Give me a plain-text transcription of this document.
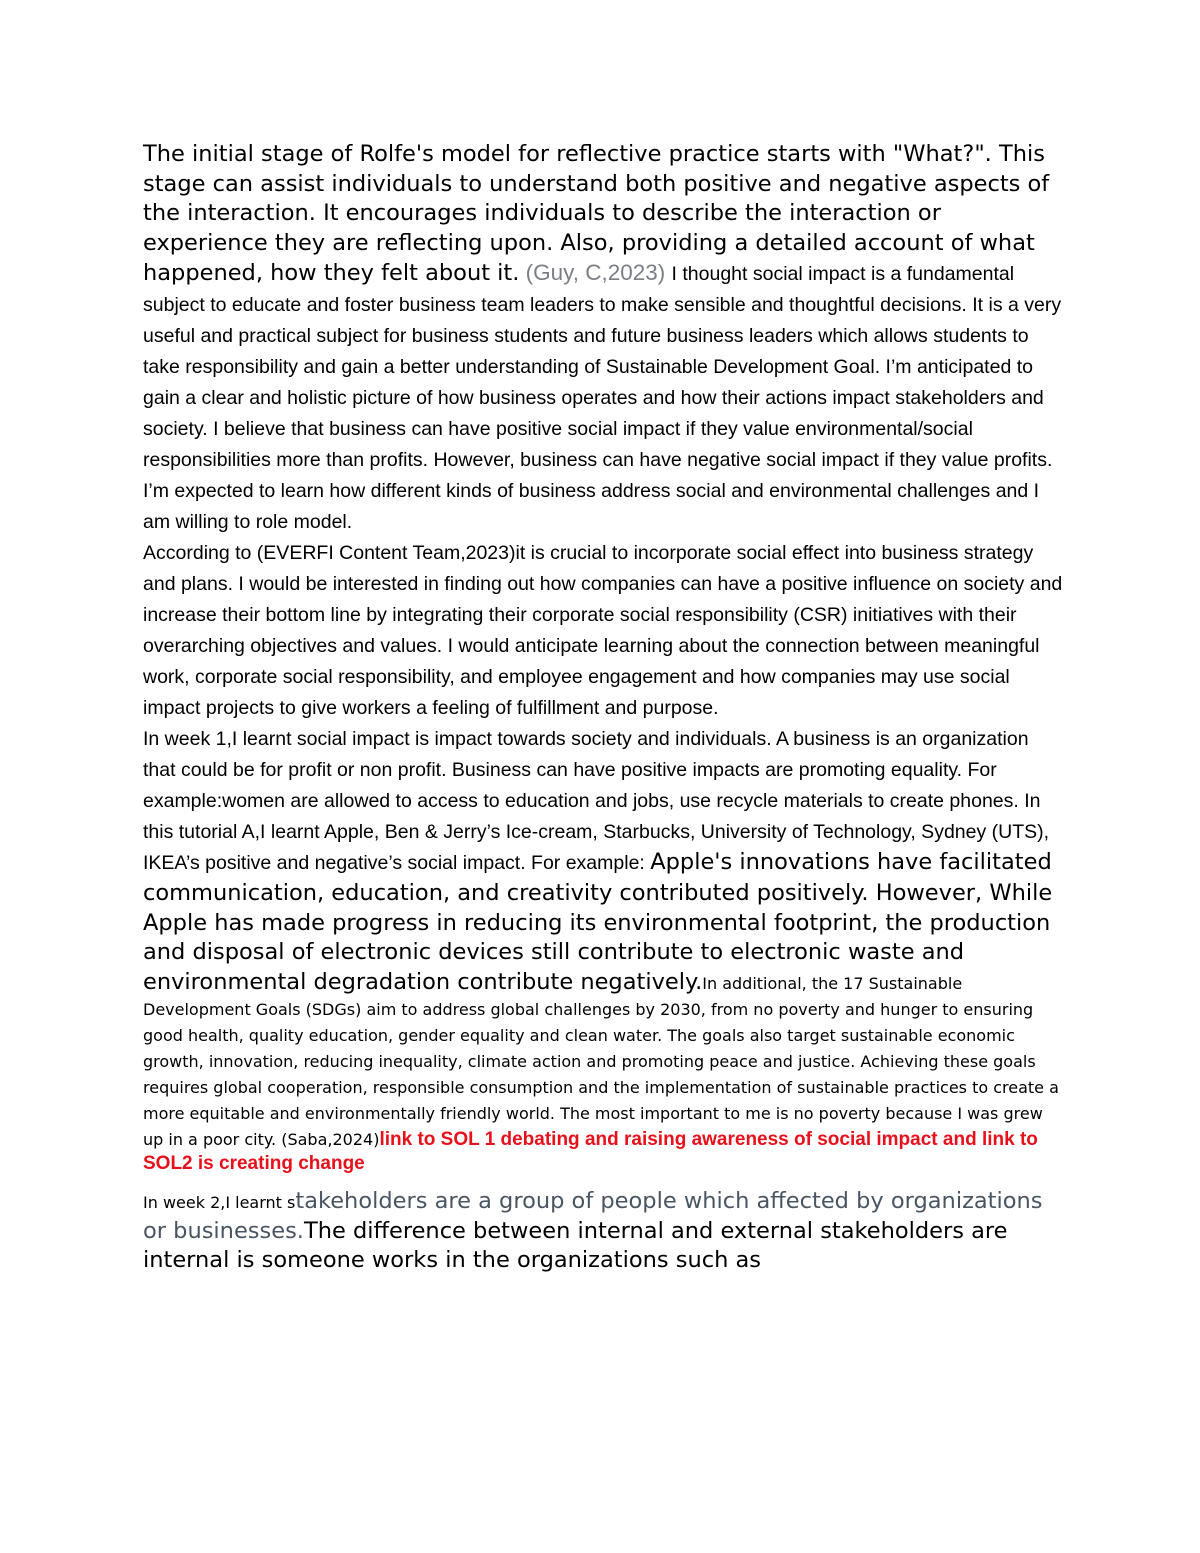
The initial stage of Rolfe's model for reflective practice starts with "What?". This stage can assist individuals to understand both positive and negative aspects of the interaction. It encourages individuals to describe the interaction or experience they are reflecting upon. Also, providing a detailed account of what happened, how they felt about it. (Guy, C,2023) I thought social impact is a fundamental subject to educate and foster business team leaders to make sensible and thoughtful decisions. It is a very useful and practical subject for business students and future business leaders which allows students to take responsibility and gain a better understanding of Sustainable Development Goal. I’m anticipated to gain a clear and holistic picture of how business operates and how their actions impact stakeholders and society. I believe that business can have positive social impact if they value environmental/social responsibilities more than profits. However, business can have negative social impact if they value profits. I’m expected to learn how different kinds of business address social and environmental challenges and I am willing to role model.

According to (EVERFI Content Team,2023)it is crucial to incorporate social effect into business strategy and plans. I would be interested in finding out how companies can have a positive influence on society and increase their bottom line by integrating their corporate social responsibility (CSR) initiatives with their overarching objectives and values. I would anticipate learning about the connection between meaningful work, corporate social responsibility, and employee engagement and how companies may use social impact projects to give workers a feeling of fulfillment and purpose.

In week 1,I learnt social impact is impact towards society and individuals. A business is an organization that could be for profit or non profit. Business can have positive impacts are promoting equality. For example:women are allowed to access to education and jobs, use recycle materials to create phones. In this tutorial A,I learnt Apple, Ben & Jerry’s Ice-cream, Starbucks, University of Technology, Sydney (UTS), IKEA’s positive and negative’s social impact. For example: Apple's innovations have facilitated communication, education, and creativity contributed positively. However, While Apple has made progress in reducing its environmental footprint, the production and disposal of electronic devices still contribute to electronic waste and environmental degradation contribute negatively.In additional, the 17 Sustainable Development Goals (SDGs) aim to address global challenges by 2030, from no poverty and hunger to ensuring good health, quality education, gender equality and clean water. The goals also target sustainable economic growth, innovation, reducing inequality, climate action and promoting peace and justice. Achieving these goals requires global cooperation, responsible consumption and the implementation of sustainable practices to create a more equitable and environmentally friendly world. The most important to me is no poverty because I was grew up in a poor city. (Saba,2024)link to SOL 1 debating and raising awareness of social impact and link to SOL2 is creating change

In week 2,I learnt stakeholders are a group of people which affected by organizations or businesses.The difference between internal and external stakeholders are internal is someone works in the organizations such as
